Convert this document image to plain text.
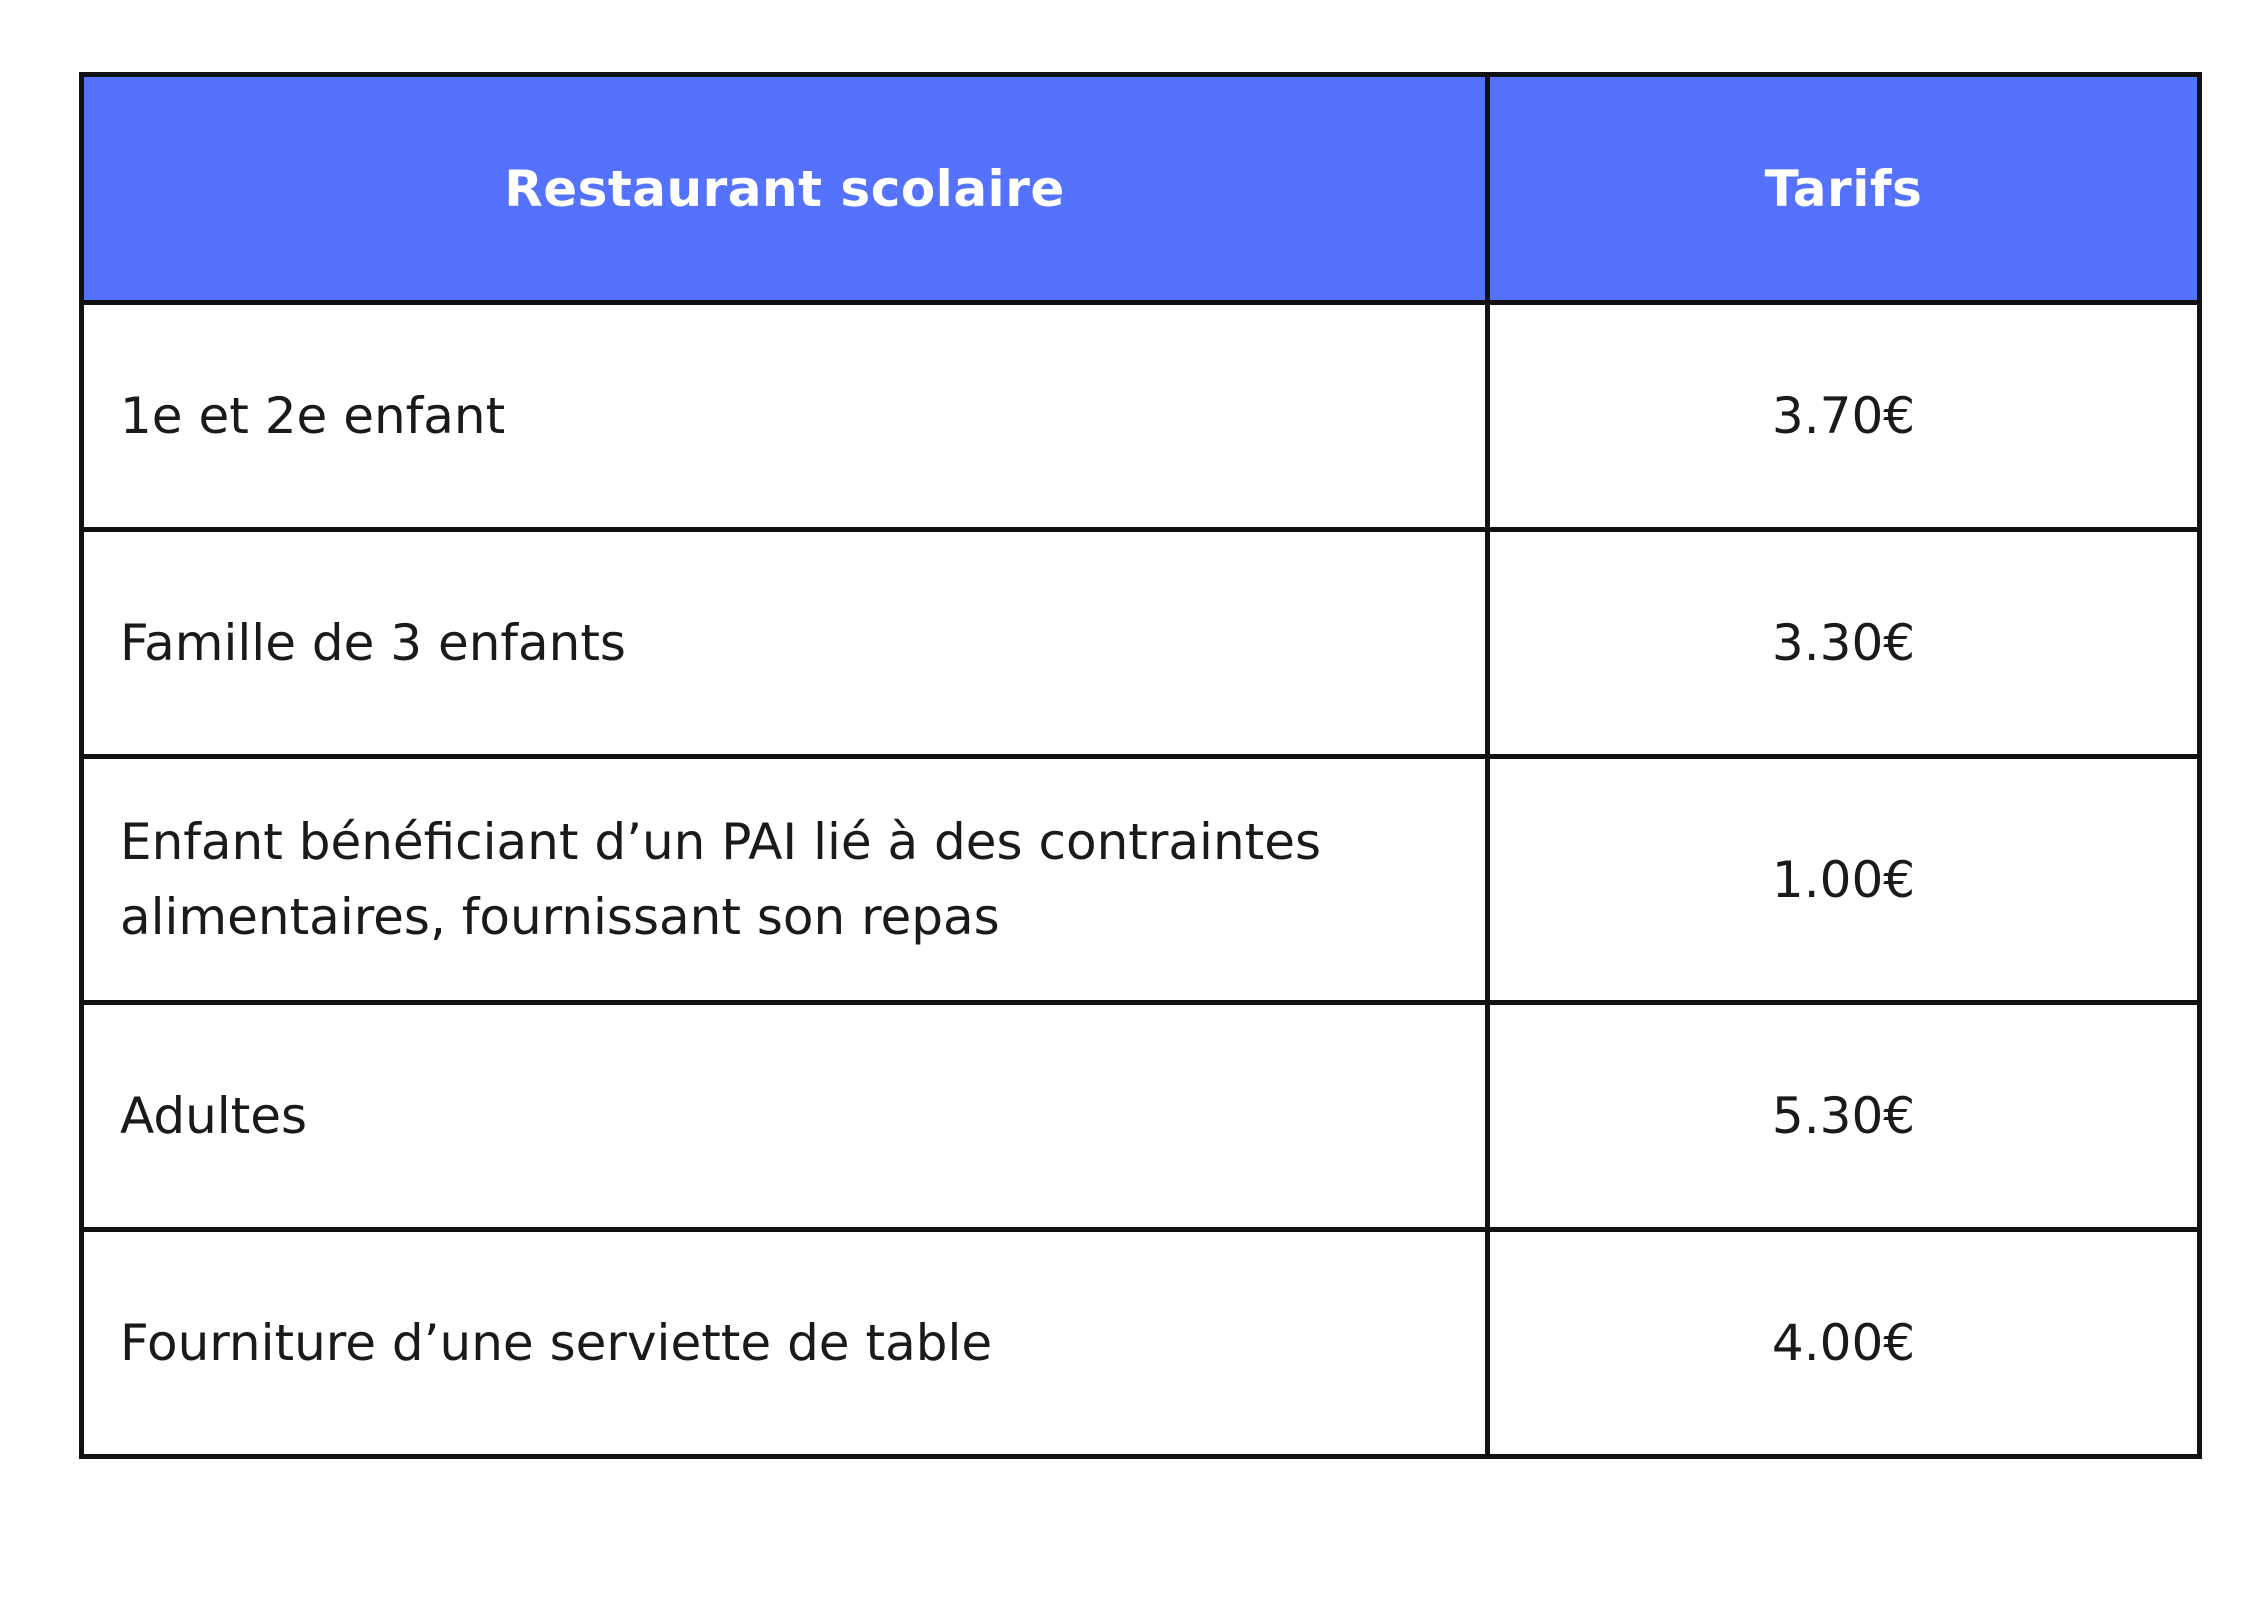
Restaurant scolaire	Tarifs
1e et 2e enfant	3.70€
Famille de 3 enfants	3.30€
Enfant bénéficiant d’un PAI lié à des contraintes alimentaires, fournissant son repas	1.00€
Adultes	5.30€
Fourniture d’une serviette de table	4.00€
